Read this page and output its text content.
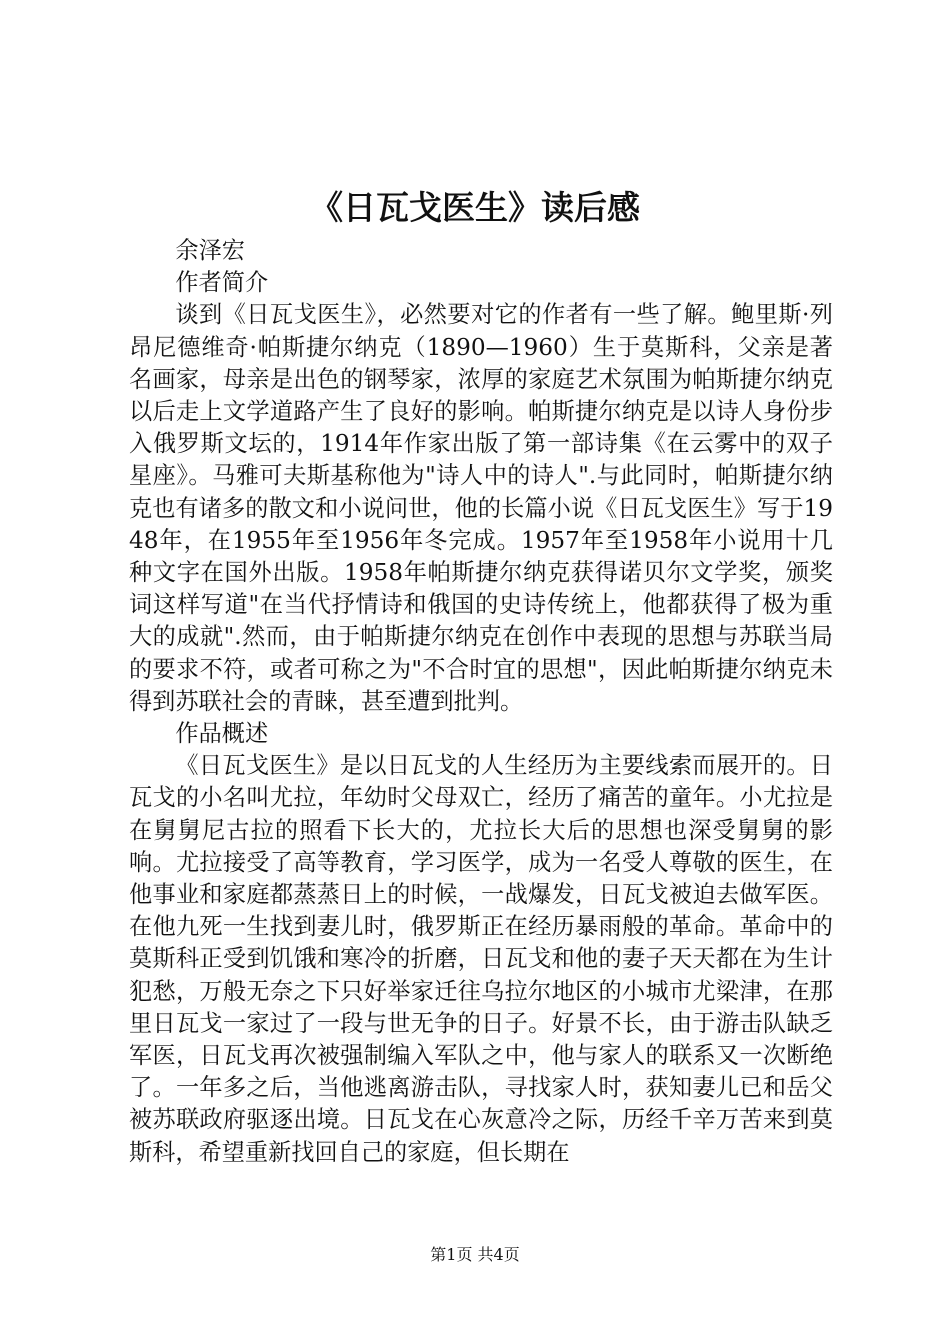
《日瓦戈医生》读后感

余泽宏

作者简介

谈到《日瓦戈医生》，必然要对它的作者有一些了解。鲍里斯·列昂尼德维奇·帕斯捷尔纳克（1890—1960）生于莫斯科，父亲是著名画家，母亲是出色的钢琴家，浓厚的家庭艺术氛围为帕斯捷尔纳克以后走上文学道路产生了良好的影响。帕斯捷尔纳克是以诗人身份步入俄罗斯文坛的，1914年作家出版了第一部诗集《在云雾中的双子星座》。马雅可夫斯基称他为"诗人中的诗人".与此同时，帕斯捷尔纳克也有诸多的散文和小说问世，他的长篇小说《日瓦戈医生》写于1948年，在1955年至1956年冬完成。1957年至1958年小说用十几种文字在国外出版。1958年帕斯捷尔纳克获得诺贝尔文学奖，颁奖词这样写道"在当代抒情诗和俄国的史诗传统上，他都获得了极为重大的成就".然而，由于帕斯捷尔纳克在创作中表现的思想与苏联当局的要求不符，或者可称之为"不合时宜的思想"，因此帕斯捷尔纳克未得到苏联社会的青睐，甚至遭到批判。

作品概述

《日瓦戈医生》是以日瓦戈的人生经历为主要线索而展开的。日瓦戈的小名叫尤拉，年幼时父母双亡，经历了痛苦的童年。小尤拉是在舅舅尼古拉的照看下长大的，尤拉长大后的思想也深受舅舅的影响。尤拉接受了高等教育，学习医学，成为一名受人尊敬的医生，在他事业和家庭都蒸蒸日上的时候，一战爆发，日瓦戈被迫去做军医。在他九死一生找到妻儿时，俄罗斯正在经历暴雨般的革命。革命中的莫斯科正受到饥饿和寒冷的折磨，日瓦戈和他的妻子天天都在为生计犯愁，万般无奈之下只好举家迁往乌拉尔地区的小城市尤梁津，在那里日瓦戈一家过了一段与世无争的日子。好景不长，由于游击队缺乏军医，日瓦戈再次被强制编入军队之中，他与家人的联系又一次断绝了。一年多之后，当他逃离游击队，寻找家人时，获知妻儿已和岳父被苏联政府驱逐出境。日瓦戈在心灰意冷之际，历经千辛万苦来到莫斯科，希望重新找回自己的家庭，但长期在

第1页 共4页
